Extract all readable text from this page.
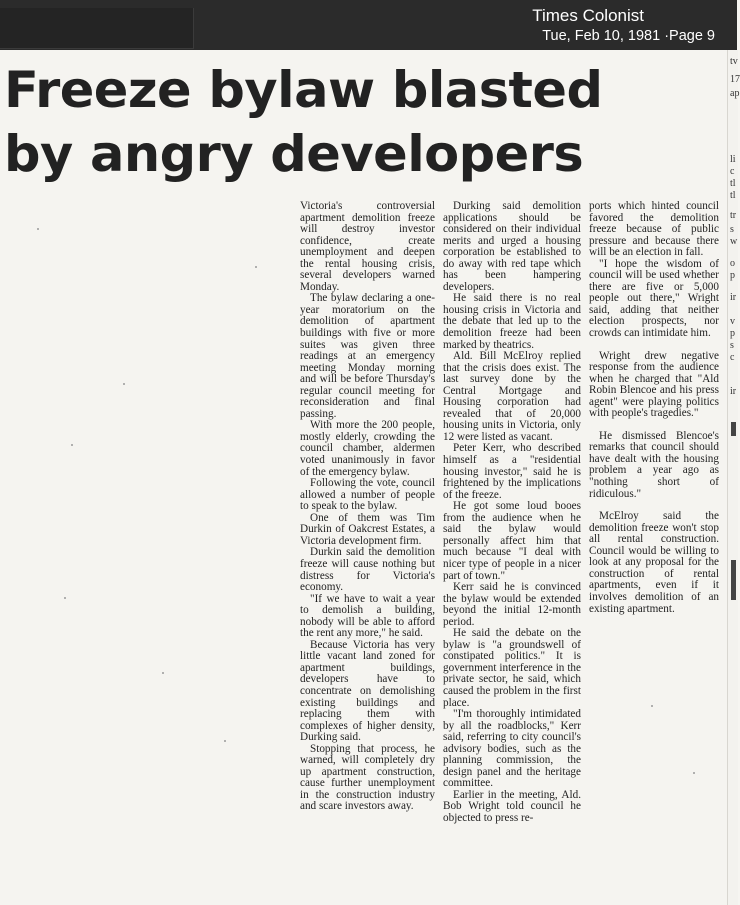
Times Colonist
Tue, Feb 10, 1981 ·Page 9
Freeze bylaw blasted
by angry developers

Victoria's controversial apartment demolition freeze will destroy investor confidence, create unemployment and deepen the rental housing crisis, several developers warned Monday.

The bylaw declaring a one-year moratorium on the demolition of apartment buildings with five or more suites was given three readings at an emergency meeting Monday morning and will be before Thursday's regular council meeting for reconsideration and final passing.

With more the 200 people, mostly elderly, crowding the council chamber, aldermen voted unanimously in favor of the emergency bylaw.

Following the vote, council allowed a number of people to speak to the bylaw.

One of them was Tim Durkin of Oakcrest Estates, a Victoria development firm.

Durkin said the demolition freeze will cause nothing but distress for Victoria's economy.

"If we have to wait a year to demolish a building, nobody will be able to afford the rent any more," he said.

Because Victoria has very little vacant land zoned for apartment buildings, developers have to concentrate on demolishing existing buildings and replacing them with complexes of higher density, Durking said.

Stopping that process, he warned, will completely dry up apartment construction, cause further unemployment in the construction industry and scare investors away.

Durking said demolition applications should be considered on their individual merits and urged a housing corporation be established to do away with red tape which has been hampering developers.

He said there is no real housing crisis in Victoria and the debate that led up to the demolition freeze had been marked by theatrics.

Ald. Bill McElroy replied that the crisis does exist. The last survey done by the Central Mortgage and Housing corporation had revealed that of 20,000 housing units in Victoria, only 12 were listed as vacant.

Peter Kerr, who described himself as a "residential housing investor," said he is frightened by the implications of the freeze.

He got some loud booes from the audience when he said the bylaw would personally affect him that much because "I deal with nicer type of people in a nicer part of town."

Kerr said he is convinced the bylaw would be extended beyond the initial 12-month period.

He said the debate on the bylaw is "a groundswell of constipated politics." It is government interference in the private sector, he said, which caused the problem in the first place.

"I'm thoroughly intimidated by all the roadblocks," Kerr said, referring to city council's advisory bodies, such as the planning commission, the design panel and the heritage committee.

Earlier in the meeting, Ald. Bob Wright told council he objected to press re-

ports which hinted council favored the demolition freeze because of public pressure and because there will be an election in fall.

"I hope the wisdom of council will be used whether there are five or 5,000 people out there," Wright said, adding that neither election prospects, nor crowds can intimidate him.

Wright drew negative response from the audience when he charged that "Ald Robin Blencoe and his press agent" were playing politics with people's tragedies."

He dismissed Blencoe's remarks that council should have dealt with the housing problem a year ago as "nothing short of ridiculous."

McElroy said the demolition freeze won't stop all rental construction. Council would be willing to look at any proposal for the construction of rental apartments, even if it involves demolition of an existing apartment.

tv
17
ap
li
c
tl
tl
tr
s
w
o
p
ir
v
p
s
c
ir
